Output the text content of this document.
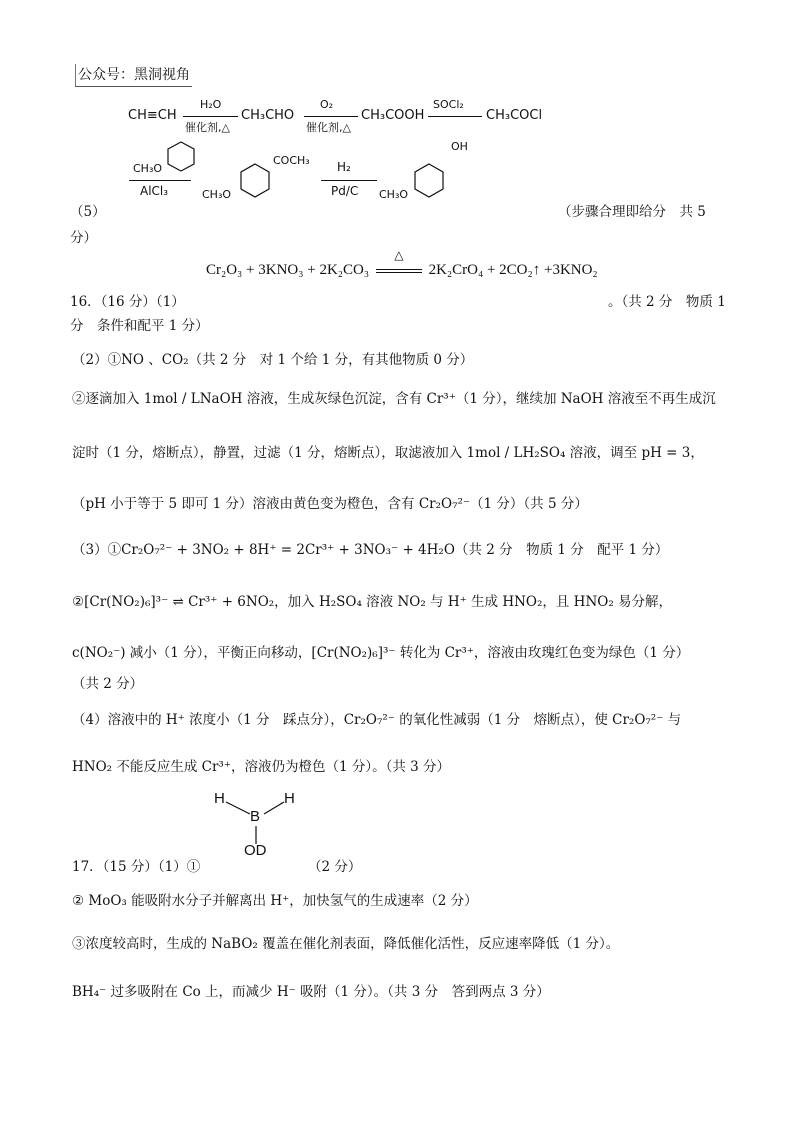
公众号：黑洞视角
CH≡CH
H₂O
催化剂,△
CH₃CHO
O₂
催化剂,△
CH₃COOH
SOCl₂
CH₃COCl
CH₃O
AlCl₃	CH₃O
COCH₃ H₂
Pd/C CH₃O
OH
（5）	（步骤合理即给分　共 5
分）
Cr₂O₃ + 3KNO₃ + 2K₂CO₃
△
2K₂CrO₄ + 2CO₂↑ +3KNO₂
16．（16 分）（1）	。（共 2 分　物质 1
分　条件和配平 1 分）
（2）①NO 、CO₂（共 2 分　对 1 个给 1 分，有其他物质 0 分）
②逐滴加入 1mol / LNaOH 溶液，生成灰绿色沉淀，含有 Cr³⁺（1 分），继续加 NaOH 溶液至不再生成沉
淀时（1 分，熔断点），静置，过滤（1 分，熔断点），取滤液加入 1mol / LH₂SO₄ 溶液，调至 pH = 3，
（pH 小于等于 5 即可 1 分）溶液由黄色变为橙色，含有 Cr₂O₇²⁻（1 分）（共 5 分）
（3）①Cr₂O₇²⁻ + 3NO₂ + 8H⁺ = 2Cr³⁺ + 3NO₃⁻ + 4H₂O（共 2 分　物质 1 分　配平 1 分）
②[Cr(NO₂)₆]³⁻ ⇌ Cr³⁺ + 6NO₂，加入 H₂SO₄ 溶液 NO₂ 与 H⁺ 生成 HNO₂，且 HNO₂ 易分解，
c(NO₂⁻) 减小（1 分），平衡正向移动，[Cr(NO₂)₆]³⁻ 转化为 Cr³⁺，溶液由玫瑰红色变为绿色（1 分）
（共 2 分）
（4）溶液中的 H⁺ 浓度小（1 分　踩点分），Cr₂O₇²⁻ 的氧化性减弱（1 分　熔断点），使 Cr₂O₇²⁻ 与
HNO₂ 不能反应生成 Cr³⁺，溶液仍为橙色（1 分）。（共 3 分）
H
B
H
OD
17．（15 分）（1）①	（2 分）
② MoO₃ 能吸附水分子并解离出 H⁺，加快氢气的生成速率（2 分）
③浓度较高时，生成的 NaBO₂ 覆盖在催化剂表面，降低催化活性，反应速率降低（1 分）。
BH₄⁻ 过多吸附在 Co 上，而减少 H⁻ 吸附（1 分）。（共 3 分　答到两点 3 分）
